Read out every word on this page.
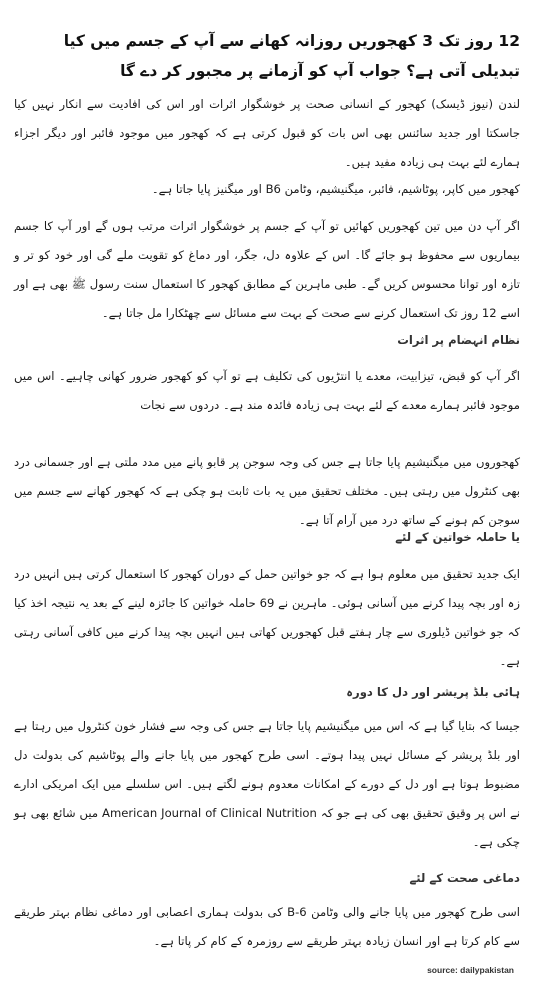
12 روز تک 3 کھجوریں روزانہ کھانے سے آپ کے جسم میں کیا تبدیلی آتی ہے؟ جواب آپ کو آزمانے پر مجبور کر دے گا

لندن (نیوز ڈیسک) کھجور کے انسانی صحت پر خوشگوار اثرات اور اس کی افادیت سے انکار نہیں کیا جاسکتا اور جدید سائنس بھی اس بات کو قبول کرتی ہے کہ کھجور میں موجود فائبر اور دیگر اجزاء ہمارے لئے بہت ہی زیادہ مفید ہیں۔

کھجور میں کاپر، پوٹاشیم، فائبر، میگنیشیم، وٹامن B6 اور میگنیز پایا جاتا ہے۔

اگر آپ دن میں تین کھجوریں کھائیں تو آپ کے جسم پر خوشگوار اثرات مرتب ہوں گے اور آپ کا جسم بیماریوں سے محفوظ ہو جائے گا۔ اس کے علاوہ دل، جگر، اور دماغ کو تقویت ملے گی اور خود کو تر و تازہ اور توانا محسوس کریں گے۔ طبی ماہرین کے مطابق کھجور کا استعمال سنت رسول ﷺ بھی ہے اور اسے 12 روز تک استعمال کرنے سے صحت کے بہت سے مسائل سے چھٹکارا مل جاتا ہے۔

نظام انہضام پر اثرات

اگر آپ کو قبض، تیزابیت، معدے یا انتڑیوں کی تکلیف ہے تو آپ کو کھجور ضرور کھانی چاہیے۔ اس میں موجود فائبر ہمارے معدے کے لئے بہت ہی زیادہ فائدہ مند ہے۔ دردوں سے نجات

کھجوروں میں میگنیشیم پایا جاتا ہے جس کی وجہ سوجن پر قابو پانے میں مدد ملتی ہے اور جسمانی درد بھی کنٹرول میں رہتی ہیں۔ مختلف تحقیق میں یہ بات ثابت ہو چکی ہے کہ کھجور کھانے سے جسم میں سوجن کم ہونے کے ساتھ درد میں آرام آتا ہے۔

یا حاملہ خواتین کے لئے

ایک جدید تحقیق میں معلوم ہوا ہے کہ جو خواتین حمل کے دوران کھجور کا استعمال کرتی ہیں انہیں درد زہ اور بچہ پیدا کرنے میں آسانی ہوئی۔ ماہرین نے 69 حاملہ خواتین کا جائزہ لینے کے بعد یہ نتیجہ اخذ کیا کہ جو خواتین ڈیلوری سے چار ہفتے قبل کھجوریں کھاتی ہیں انہیں بچہ پیدا کرنے میں کافی آسانی رہتی ہے۔

ہائی بلڈ پریشر اور دل کا دورہ

جیسا کہ بتایا گیا ہے کہ اس میں میگنیشیم پایا جاتا ہے جس کی وجہ سے فشار خون کنٹرول میں رہتا ہے اور بلڈ پریشر کے مسائل نہیں پیدا ہوتے۔ اسی طرح کھجور میں پایا جانے والے پوٹاشیم کی بدولت دل مضبوط ہوتا ہے اور دل کے دورے کے امکانات معدوم ہونے لگتے ہیں۔ اس سلسلے میں ایک امریکی ادارے نے اس پر وقیق تحقیق بھی کی ہے جو کہ American Journal of Clinical Nutrition میں شائع بھی ہو چکی ہے۔

دماغی صحت کے لئے

اسی طرح کھجور میں پایا جانے والی وٹامن B-6 کی بدولت ہماری اعصابی اور دماغی نظام بہتر طریقے سے کام کرتا ہے اور انسان زیادہ بہتر طریقے سے روزمرہ کے کام کر پاتا ہے۔

source: dailypakistan
